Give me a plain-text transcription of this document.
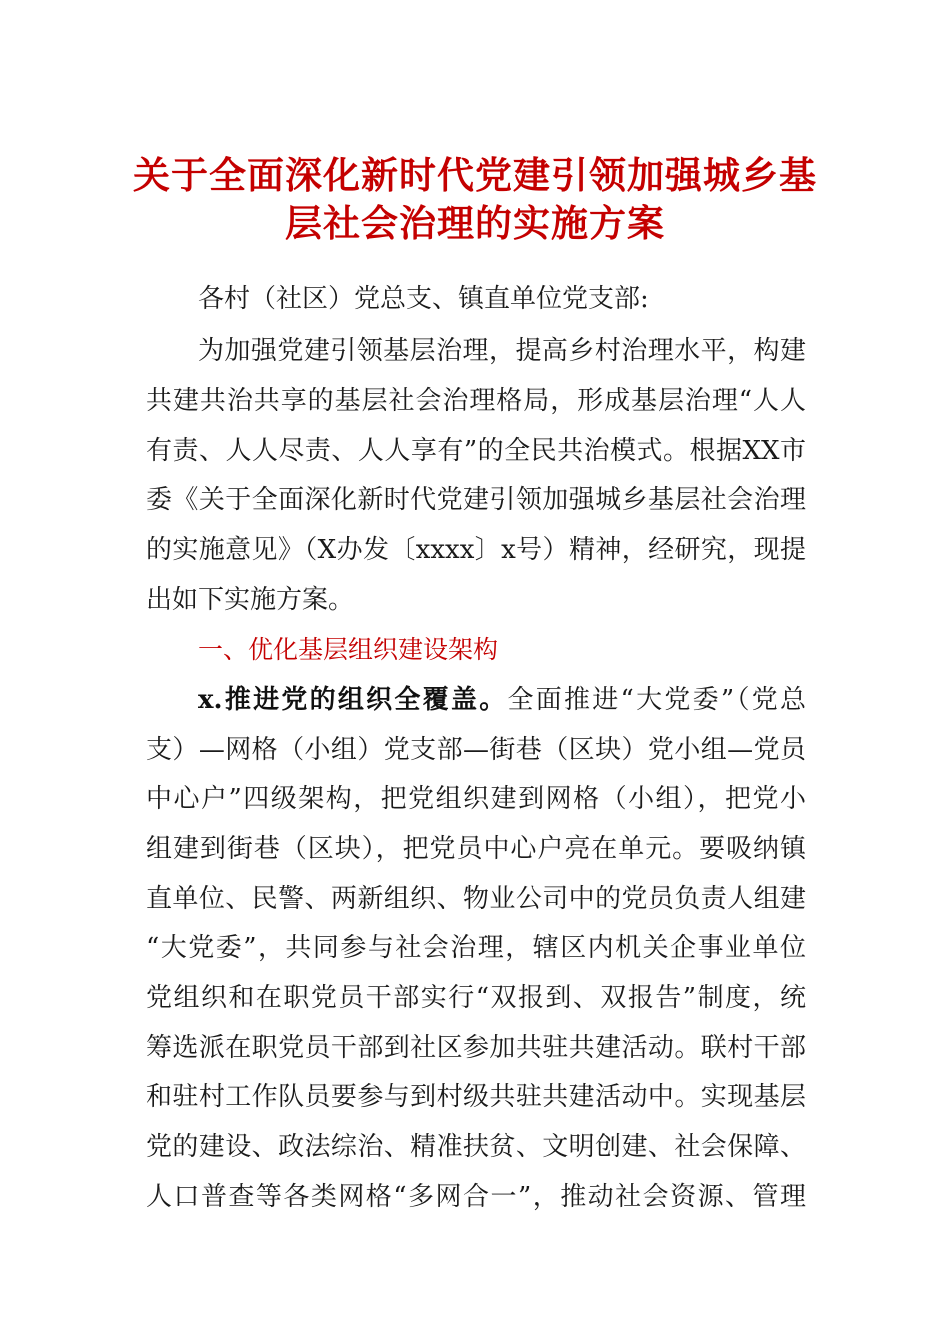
关于全面深化新时代党建引领加强城乡基
层社会治理的实施方案
各村（社区）党总支、镇直单位党支部:
为加强党建引领基层治理，提高乡村治理水平，构建
共建共治共享的基层社会治理格局，形成基层治理“人人
有责、人人尽责、人人享有”的全民共治模式。根据XX市
委《关于全面深化新时代党建引领加强城乡基层社会治理
的实施意见》（X办发〔xxxx〕x号）精神，经研究，现提
出如下实施方案。
一、优化基层组织建设架构
x.推进党的组织全覆盖。全面推进“大党委”（党总
支）—网格（小组）党支部—街巷（区块）党小组—党员
中心户”四级架构，把党组织建到网格（小组），把党小
组建到街巷（区块），把党员中心户亮在单元。要吸纳镇
直单位、民警、两新组织、物业公司中的党员负责人组建
“大党委”，共同参与社会治理，辖区内机关企事业单位
党组织和在职党员干部实行“双报到、双报告”制度，统
筹选派在职党员干部到社区参加共驻共建活动。联村干部
和驻村工作队员要参与到村级共驻共建活动中。实现基层
党的建设、政法综治、精准扶贫、文明创建、社会保障、
人口普查等各类网格“多网合一”，推动社会资源、管理
